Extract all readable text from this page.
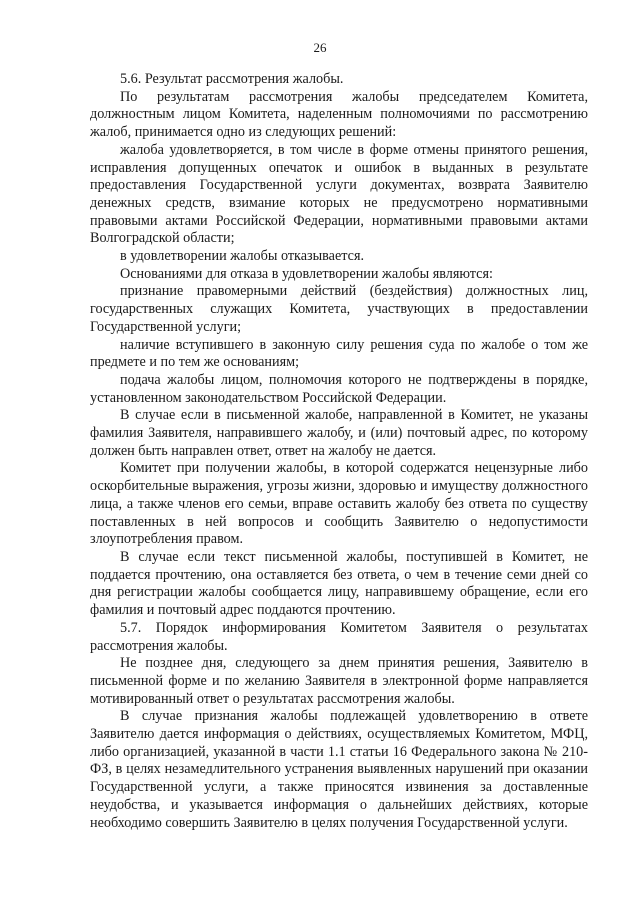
26

5.6. Результат рассмотрения жалобы.

По результатам рассмотрения жалобы председателем Комитета, должностным лицом Комитета, наделенным полномочиями по рассмотрению жалоб, принимается одно из следующих решений:

жалоба удовлетворяется, в том числе в форме отмены принятого решения, исправления допущенных опечаток и ошибок в выданных в результате предоставления Государственной услуги документах, возврата Заявителю денежных средств, взимание которых не предусмотрено нормативными правовыми актами Российской Федерации, нормативными правовыми актами Волгоградской области;

в удовлетворении жалобы отказывается.

Основаниями для отказа в удовлетворении жалобы являются:

признание правомерными действий (бездействия) должностных лиц, государственных служащих Комитета, участвующих в предоставлении Государственной услуги;

наличие вступившего в законную силу решения суда по жалобе о том же предмете и по тем же основаниям;

подача жалобы лицом, полномочия которого не подтверждены в порядке, установленном законодательством Российской Федерации.

В случае если в письменной жалобе, направленной в Комитет, не указаны фамилия Заявителя, направившего жалобу, и (или) почтовый адрес, по которому должен быть направлен ответ, ответ на жалобу не дается.

Комитет при получении жалобы, в которой содержатся нецензурные либо оскорбительные выражения, угрозы жизни, здоровью и имуществу должностного лица, а также членов его семьи, вправе оставить жалобу без ответа по существу поставленных в ней вопросов и сообщить Заявителю о недопустимости злоупотребления правом.

В случае если текст письменной жалобы, поступившей в Комитет, не поддается прочтению, она оставляется без ответа, о чем в течение семи дней со дня регистрации жалобы сообщается лицу, направившему обращение, если его фамилия и почтовый адрес поддаются прочтению.

5.7. Порядок информирования Комитетом Заявителя о результатах рассмотрения жалобы.

Не позднее дня, следующего за днем принятия решения, Заявителю в письменной форме и по желанию Заявителя в электронной форме направляется мотивированный ответ о результатах рассмотрения жалобы.

В случае признания жалобы подлежащей удовлетворению в ответе Заявителю дается информация о действиях, осуществляемых Комитетом, МФЦ, либо организацией, указанной в части 1.1 статьи 16 Федерального закона № 210-ФЗ, в целях незамедлительного устранения выявленных нарушений при оказании Государственной услуги, а также приносятся извинения за доставленные неудобства, и указывается информация о дальнейших действиях, которые необходимо совершить Заявителю в целях получения Государственной услуги.
